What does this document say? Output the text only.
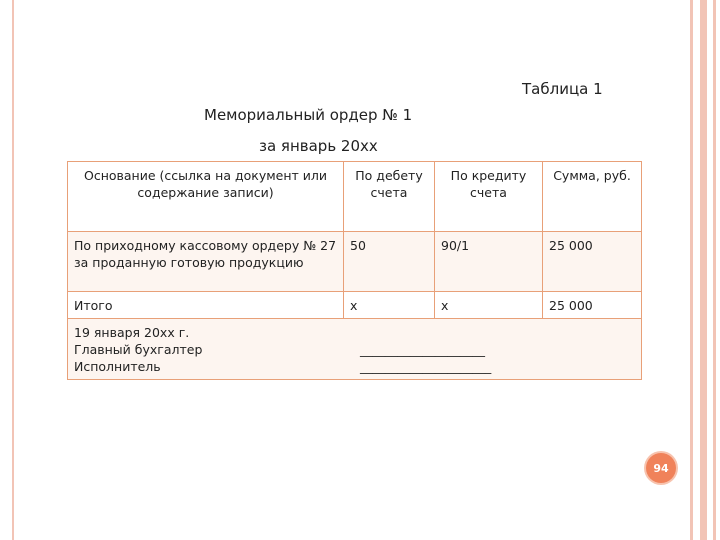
Таблица 1
Мемориальный ордер № 1
за январь 20хх
Основание (ссылка на документ или содержание записи)	По дебету счета	По кредиту счета	Сумма, руб.
По приходному кассовому ордеру № 27 за проданную готовую продукцию	50	90/1	25 000
Итого	х	х	25 000

19 января 20хх г.
Главный бухгалтер
Исполнитель
____________________
_____________________			
94
